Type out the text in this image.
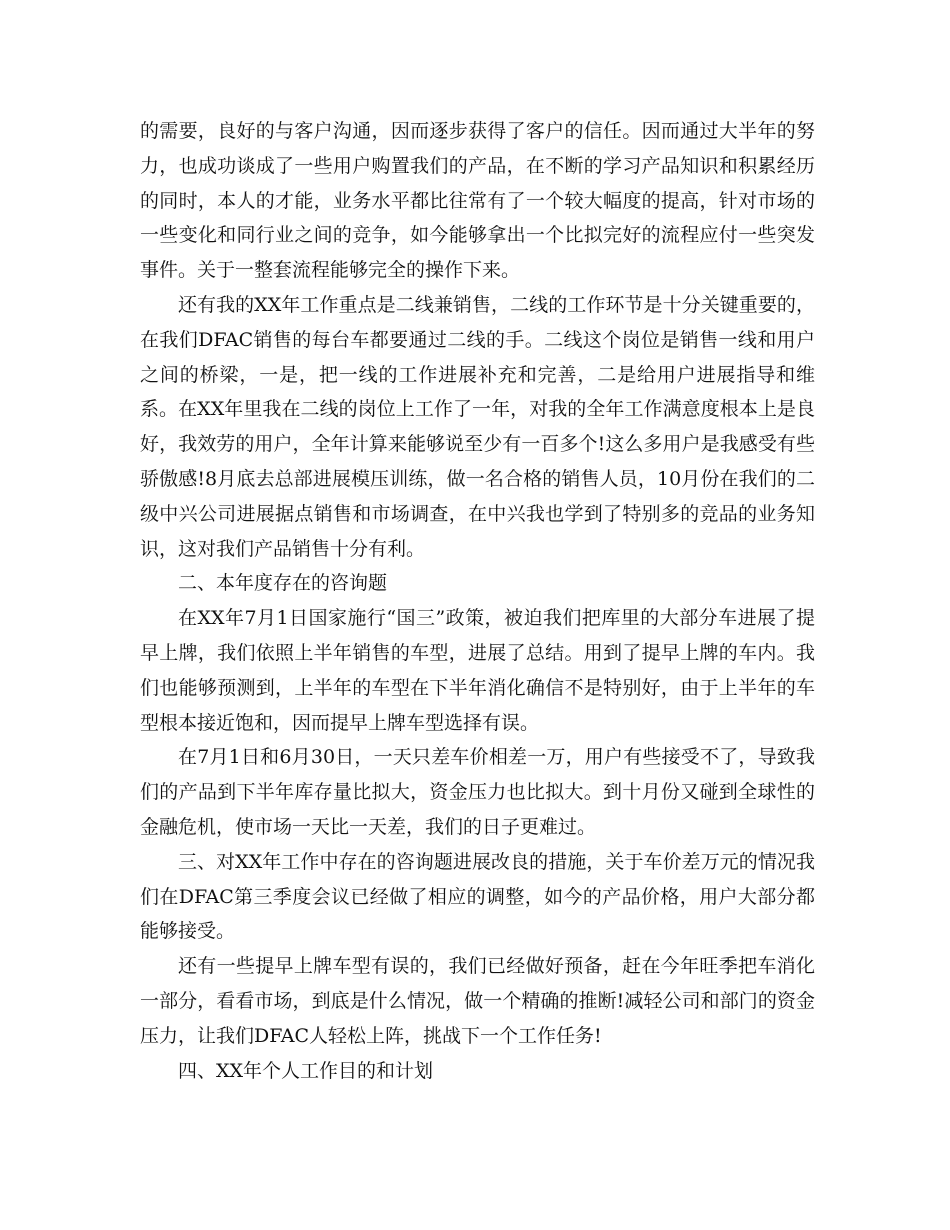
的需要，良好的与客户沟通，因而逐步获得了客户的信任。因而通过大半年的努力，也成功谈成了一些用户购置我们的产品，在不断的学习产品知识和积累经历的同时，本人的才能，业务水平都比往常有了一个较大幅度的提高，针对市场的一些变化和同行业之间的竞争，如今能够拿出一个比拟完好的流程应付一些突发事件。关于一整套流程能够完全的操作下来。

还有我的XX年工作重点是二线兼销售，二线的工作环节是十分关键重要的，在我们DFAC销售的每台车都要通过二线的手。二线这个岗位是销售一线和用户之间的桥梁，一是，把一线的工作进展补充和完善，二是给用户进展指导和维系。在XX年里我在二线的岗位上工作了一年，对我的全年工作满意度根本上是良好，我效劳的用户，全年计算来能够说至少有一百多个!这么多用户是我感受有些骄傲感!8月底去总部进展模压训练，做一名合格的销售人员，10月份在我们的二级中兴公司进展据点销售和市场调查，在中兴我也学到了特别多的竞品的业务知识，这对我们产品销售十分有利。

二、本年度存在的咨询题

在XX年7月1日国家施行“国三”政策，被迫我们把库里的大部分车进展了提早上牌，我们依照上半年销售的车型，进展了总结。用到了提早上牌的车内。我们也能够预测到，上半年的车型在下半年消化确信不是特别好，由于上半年的车型根本接近饱和，因而提早上牌车型选择有误。

在7月1日和6月30日，一天只差车价相差一万，用户有些接受不了，导致我们的产品到下半年库存量比拟大，资金压力也比拟大。到十月份又碰到全球性的金融危机，使市场一天比一天差，我们的日子更难过。

三、对XX年工作中存在的咨询题进展改良的措施，关于车价差万元的情况我们在DFAC第三季度会议已经做了相应的调整，如今的产品价格，用户大部分都能够接受。

还有一些提早上牌车型有误的，我们已经做好预备，赶在今年旺季把车消化一部分，看看市场，到底是什么情况，做一个精确的推断!减轻公司和部门的资金压力，让我们DFAC人轻松上阵，挑战下一个工作任务!

四、XX年个人工作目的和计划
